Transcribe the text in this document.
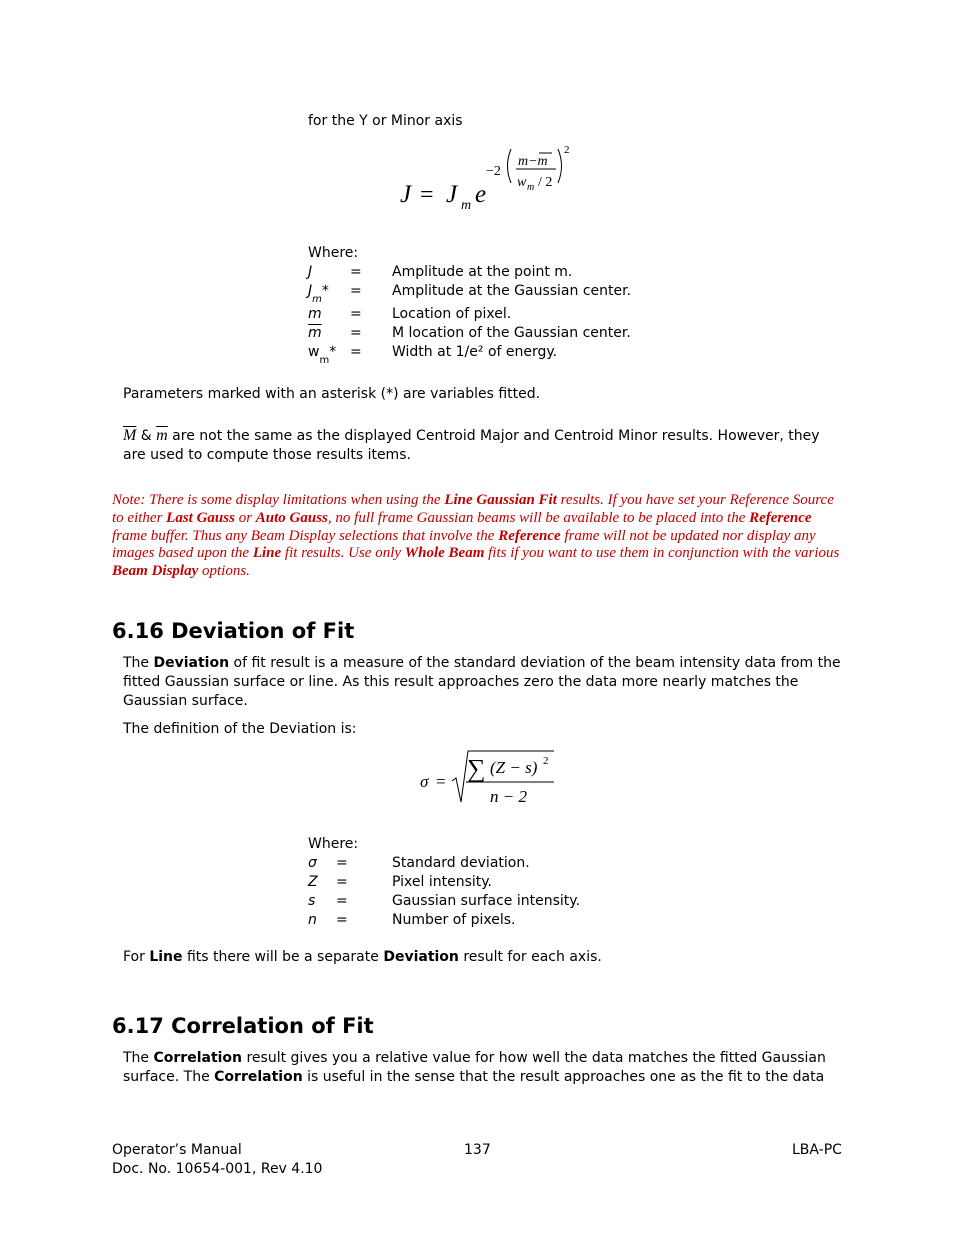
for the Y or Minor axis
J = J m e
−2
m−m
w m / 2
2
Where:
J	= Amplitude at the point m.
$J_m*$ = Amplitude at the Gaussian center.
m = Location of pixel.
$\overline{m} = M$ location of the Gaussian center.
$w_m*$ = Width at 1/e² of energy.
Parameters marked with an asterisk (*) are variables fitted.
$\overline{M}$ & $\overline{m}$ are not the same as the displayed Centroid Major and Centroid Minor results. However, they
are used to compute those results items.
Note: There is some display limitations when using the Line Gaussian Fit results. If you have set your Reference Source to either Last Gauss or Auto Gauss, no full frame Gaussian beams will be available to be placed into the Reference frame buffer. Thus any Beam Display selections that involve the Reference frame will not be updated nor display any images based upon the Line fit results. Use only Whole Beam fits if you want to use them in conjunction with the various Beam Display options.
6.16 Deviation of Fit
The Deviation of fit result is a measure of the standard deviation of the beam intensity data from the fitted Gaussian surface or line. As this result approaches zero the data more nearly matches the Gaussian surface.
The definition of the Deviation is:
σ = ∑ (Z − s) 2
n − 2
Where:
σ =	Standard deviation.
Z =	Pixel intensity.
s =	Gaussian surface intensity.
n =	Number of pixels.
For Line fits there will be a separate Deviation result for each axis.
6.17 Correlation of Fit
The Correlation result gives you a relative value for how well the data matches the fitted Gaussian surface. The Correlation is useful in the sense that the result approaches one as the fit to the data
Operator’s Manual
Doc. No. 10654-001, Rev 4.10
137	LBA-PC
